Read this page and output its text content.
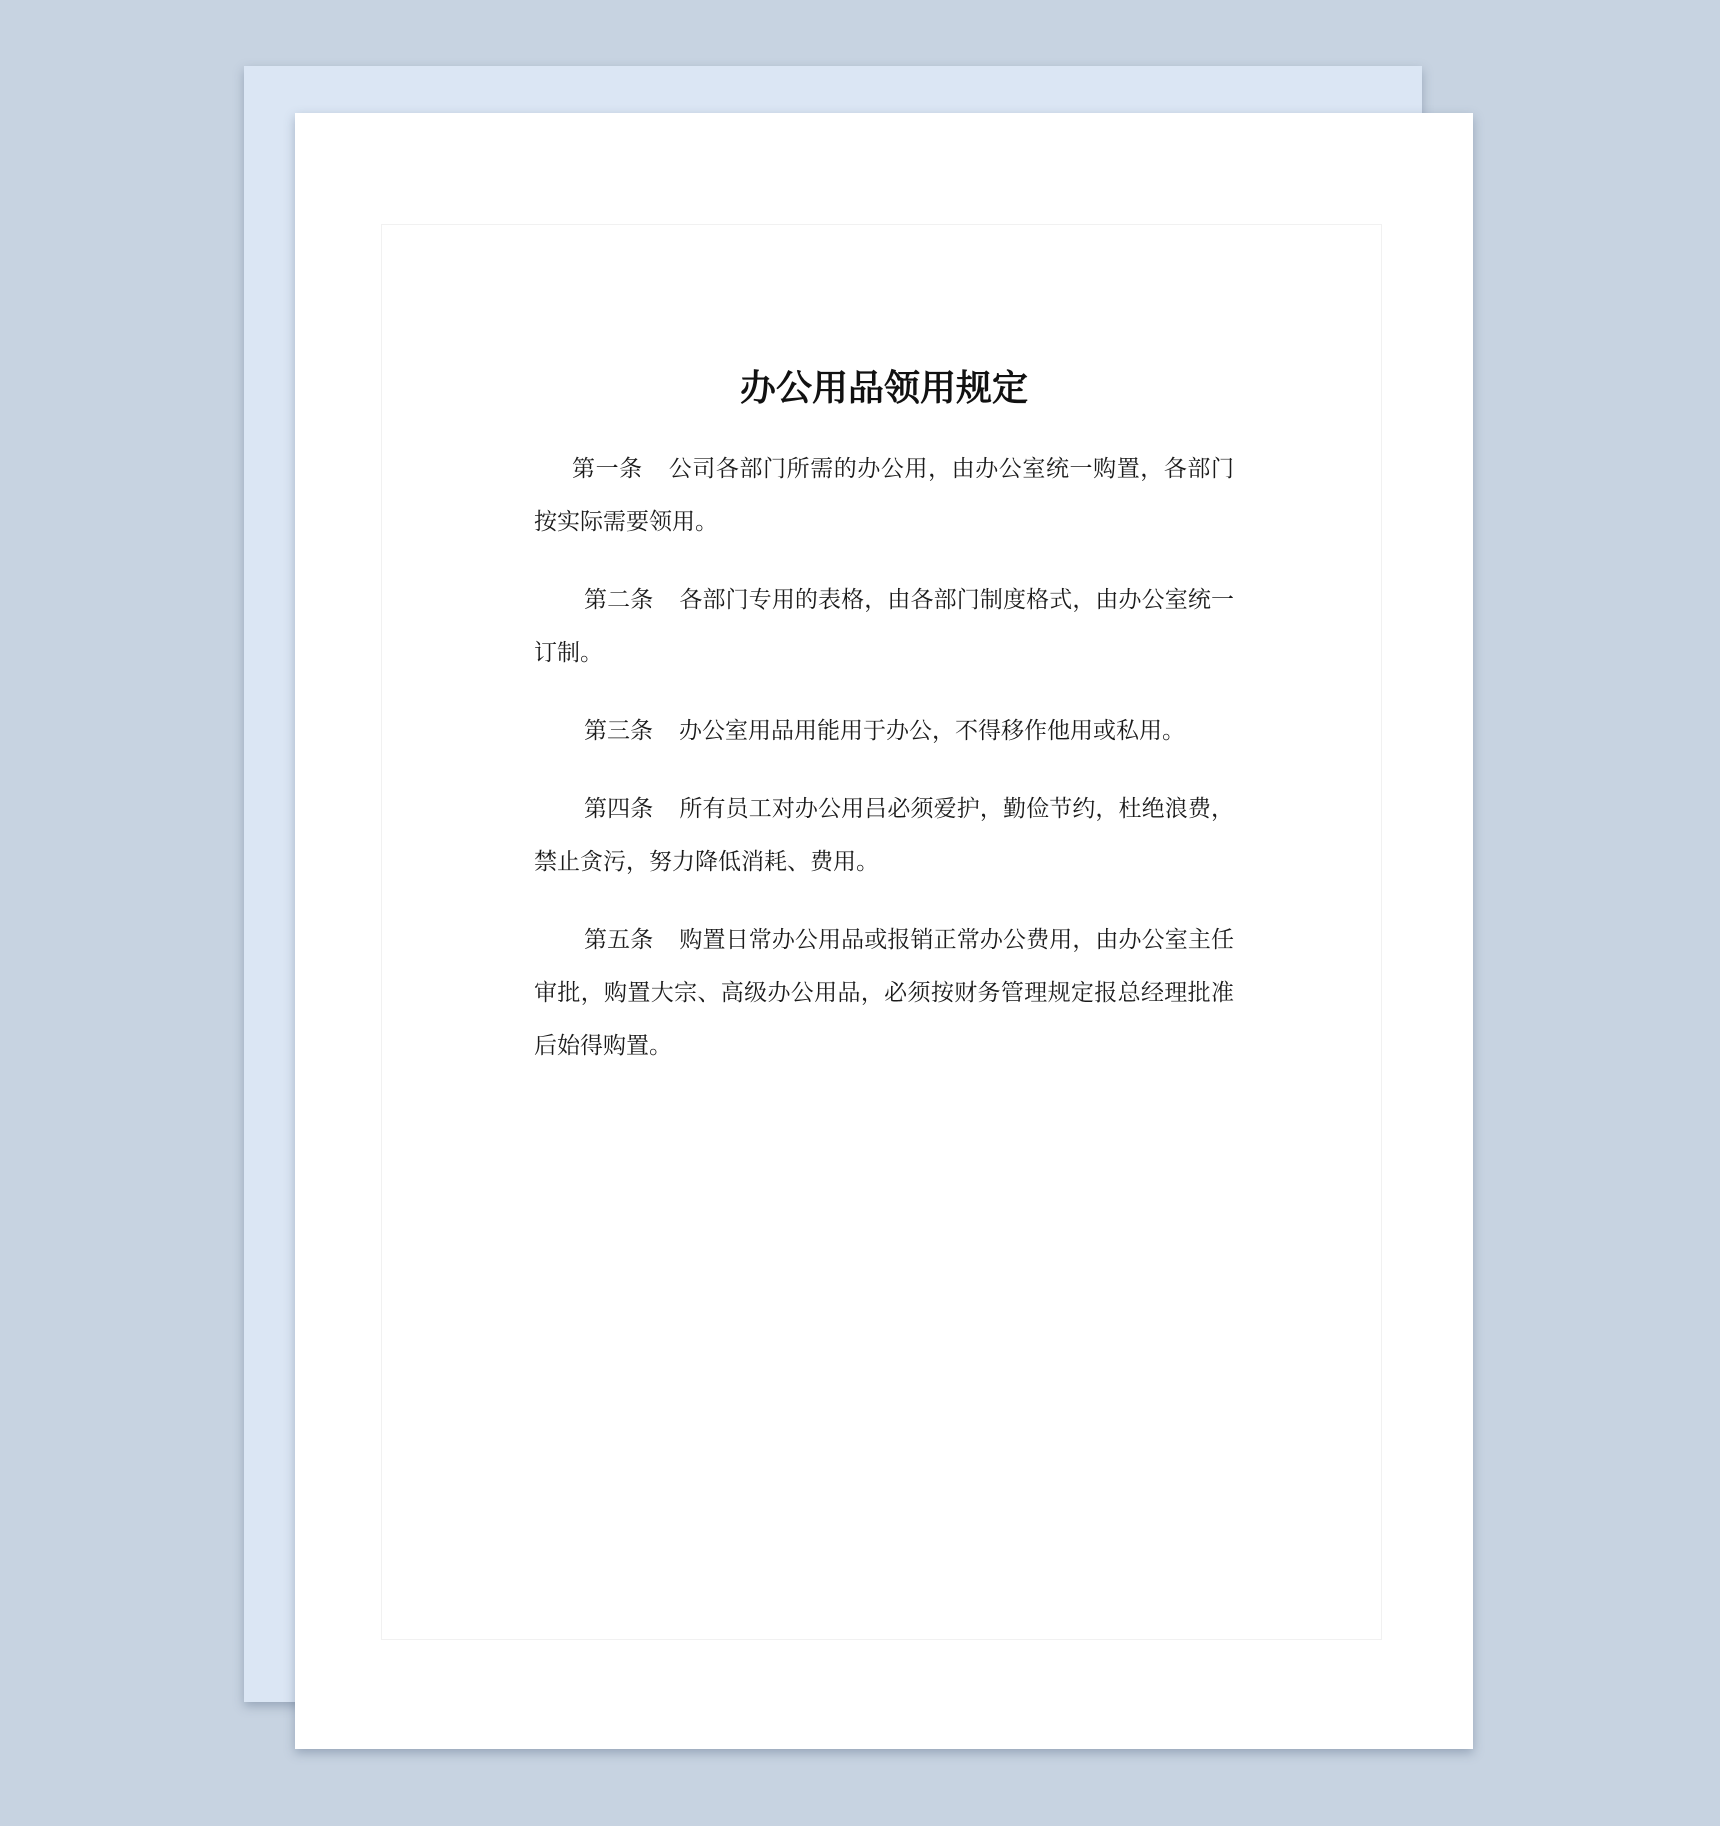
办公用品领用规定

第一条 公司各部门所需的办公用，由办公室统一购置，各部门按实际需要领用。

第二条 各部门专用的表格，由各部门制度格式，由办公室统一订制。

第三条 办公室用品用能用于办公，不得移作他用或私用。

第四条 所有员工对办公用吕必须爱护，勤俭节约，杜绝浪费，禁止贪污，努力降低消耗、费用。

第五条 购置日常办公用品或报销正常办公费用，由办公室主任审批，购置大宗、高级办公用品，必须按财务管理规定报总经理批准后始得购置。
